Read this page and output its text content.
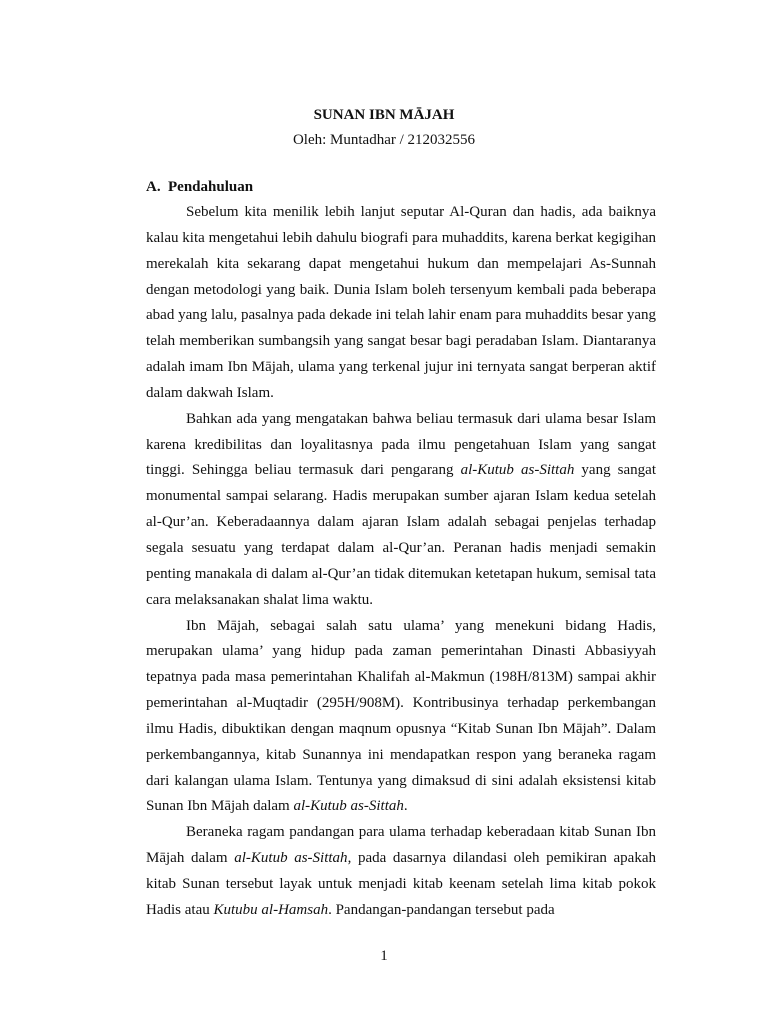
SUNAN IBN MĀJAH
Oleh: Muntadhar / 212032556
A. Pendahuluan

Sebelum kita menilik lebih lanjut seputar Al-Quran dan hadis, ada baiknya kalau kita mengetahui lebih dahulu biografi para muhaddits, karena berkat kegigihan merekalah kita sekarang dapat mengetahui hukum dan mempelajari As-Sunnah dengan metodologi yang baik. Dunia Islam boleh tersenyum kembali pada beberapa abad yang lalu, pasalnya pada dekade ini telah lahir enam para muhaddits besar yang telah memberikan sumbangsih yang sangat besar bagi peradaban Islam. Diantaranya adalah imam Ibn Mājah, ulama yang terkenal jujur ini ternyata sangat berperan aktif dalam dakwah Islam.

Bahkan ada yang mengatakan bahwa beliau termasuk dari ulama besar Islam karena kredibilitas dan loyalitasnya pada ilmu pengetahuan Islam yang sangat tinggi. Sehingga beliau termasuk dari pengarang al-Kutub as-Sittah yang sangat monumental sampai selarang. Hadis merupakan sumber ajaran Islam kedua setelah al-Qur’an. Keberadaannya dalam ajaran Islam adalah sebagai penjelas terhadap segala sesuatu yang terdapat dalam al-Qur’an. Peranan hadis menjadi semakin penting manakala di dalam al-Qur’an tidak ditemukan ketetapan hukum, semisal tata cara melaksanakan shalat lima waktu.

Ibn Mājah, sebagai salah satu ulama’ yang menekuni bidang Hadis, merupakan ulama’ yang hidup pada zaman pemerintahan Dinasti Abbasiyyah tepatnya pada masa pemerintahan Khalifah al-Makmun (198H/813M) sampai akhir pemerintahan al-Muqtadir (295H/908M). Kontribusinya terhadap perkembangan ilmu Hadis, dibuktikan dengan maqnum opusnya “Kitab Sunan Ibn Mājah”. Dalam perkembangannya, kitab Sunannya ini mendapatkan respon yang beraneka ragam dari kalangan ulama Islam. Tentunya yang dimaksud di sini adalah eksistensi kitab Sunan Ibn Mājah dalam al-Kutub as-Sittah.

Beraneka ragam pandangan para ulama terhadap keberadaan kitab Sunan Ibn Mājah dalam al-Kutub as-Sittah, pada dasarnya dilandasi oleh pemikiran apakah kitab Sunan tersebut layak untuk menjadi kitab keenam setelah lima kitab pokok Hadis atau Kutubu al-Hamsah. Pandangan-pandangan tersebut pada

1
